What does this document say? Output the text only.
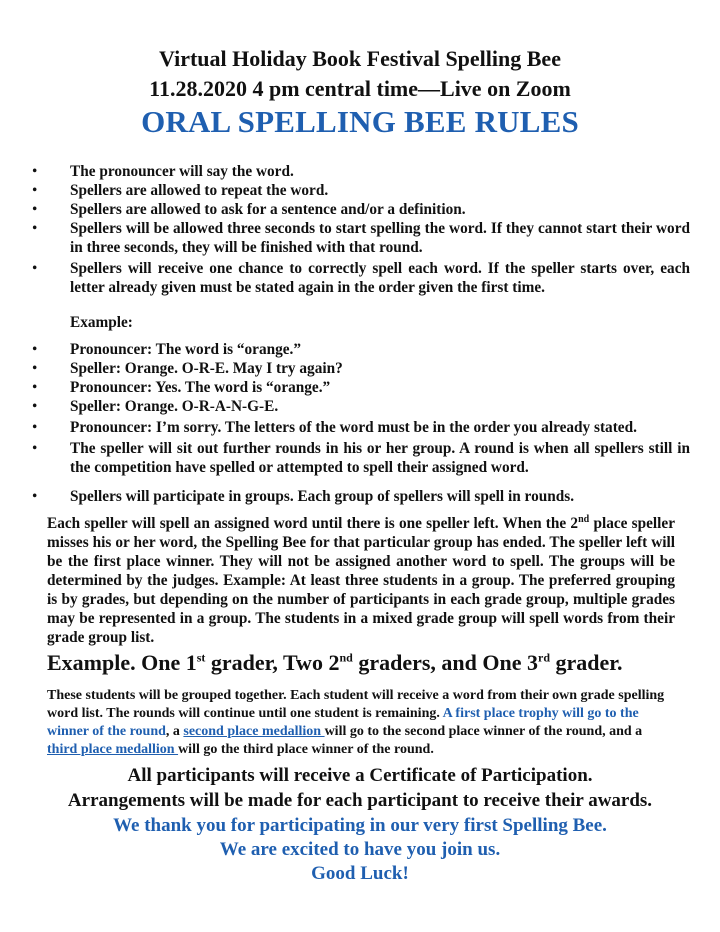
Virtual Holiday Book Festival Spelling Bee
11.28.2020 4 pm central time—Live on Zoom
ORAL SPELLING BEE RULES
• The pronouncer will say the word.
• Spellers are allowed to repeat the word.
• Spellers are allowed to ask for a sentence and/or a definition.
• Spellers will be allowed three seconds to start spelling the word. If they cannot start their word in three seconds, they will be finished with that round.
• Spellers will receive one chance to correctly spell each word. If the speller starts over, each letter already given must be stated again in the order given the first time.
Example:
• Pronouncer: The word is “orange.”
• Speller: Orange. O-R-E. May I try again?
• Pronouncer: Yes. The word is “orange.”
• Speller: Orange. O-R-A-N-G-E.
• Pronouncer: I’m sorry. The letters of the word must be in the order you already stated.
• The speller will sit out further rounds in his or her group. A round is when all spellers still in the competition have spelled or attempted to spell their assigned word.
• Spellers will participate in groups. Each group of spellers will spell in rounds.
Each speller will spell an assigned word until there is one speller left. When the 2nd place speller misses his or her word, the Spelling Bee for that particular group has ended. The speller left will be the first place winner. They will not be assigned another word to spell. The groups will be determined by the judges. Example: At least three students in a group. The preferred grouping is by grades, but depending on the number of participants in each grade group, multiple grades may be represented in a group. The students in a mixed grade group will spell words from their grade group list.
Example. One 1st grader, Two 2nd graders, and One 3rd grader.
These students will be grouped together. Each student will receive a word from their own grade spelling word list. The rounds will continue until one student is remaining. A first place trophy will go to the winner of the round, a second place medallion will go to the second place winner of the round, and a third place medallion will go the third place winner of the round.
All participants will receive a Certificate of Participation.
Arrangements will be made for each participant to receive their awards.
We thank you for participating in our very first Spelling Bee.
We are excited to have you join us.
Good Luck!
